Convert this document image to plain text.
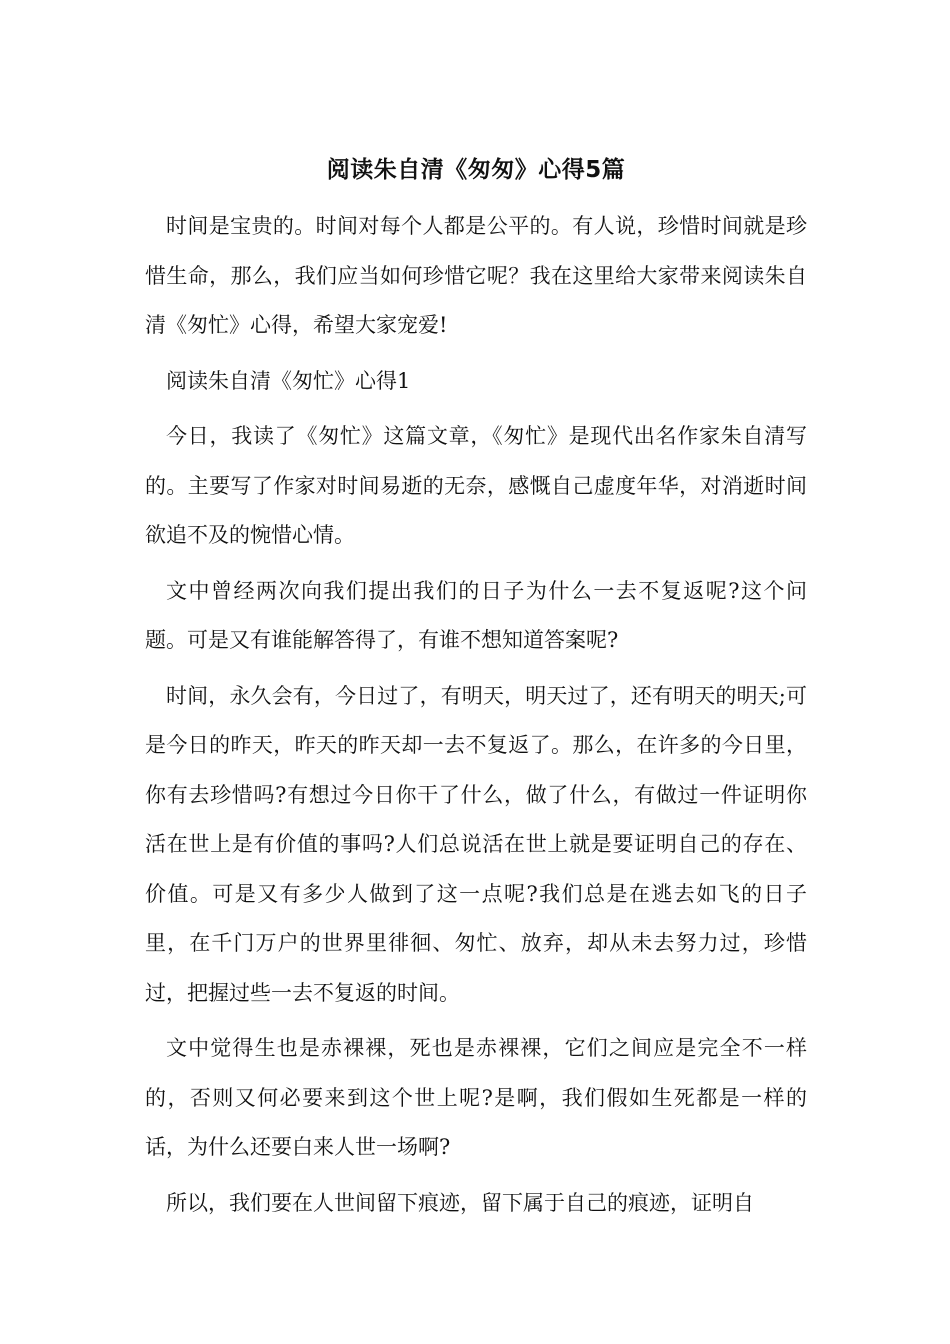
阅读朱自清《匆匆》心得5篇

时间是宝贵的。时间对每个人都是公平的。有人说，珍惜时间就是珍惜生命，那么，我们应当如何珍惜它呢？我在这里给大家带来阅读朱自清《匆忙》心得，希望大家宠爱!

阅读朱自清《匆忙》心得1

今日，我读了《匆忙》这篇文章，《匆忙》是现代出名作家朱自清写的。主要写了作家对时间易逝的无奈，感慨自己虚度年华，对消逝时间欲追不及的惋惜心情。

文中曾经两次向我们提出我们的日子为什么一去不复返呢?这个问题。可是又有谁能解答得了，有谁不想知道答案呢?

时间，永久会有，今日过了，有明天，明天过了，还有明天的明天;可是今日的昨天，昨天的昨天却一去不复返了。那么，在许多的今日里，你有去珍惜吗?有想过今日你干了什么，做了什么，有做过一件证明你活在世上是有价值的事吗?人们总说活在世上就是要证明自己的存在、价值。可是又有多少人做到了这一点呢?我们总是在逃去如飞的日子里，在千门万户的世界里徘徊、匆忙、放弃，却从未去努力过，珍惜过，把握过些一去不复返的时间。

文中觉得生也是赤裸裸，死也是赤裸裸，它们之间应是完全不一样的，否则又何必要来到这个世上呢?是啊，我们假如生死都是一样的话，为什么还要白来人世一场啊?

所以，我们要在人世间留下痕迹，留下属于自己的痕迹，证明自
